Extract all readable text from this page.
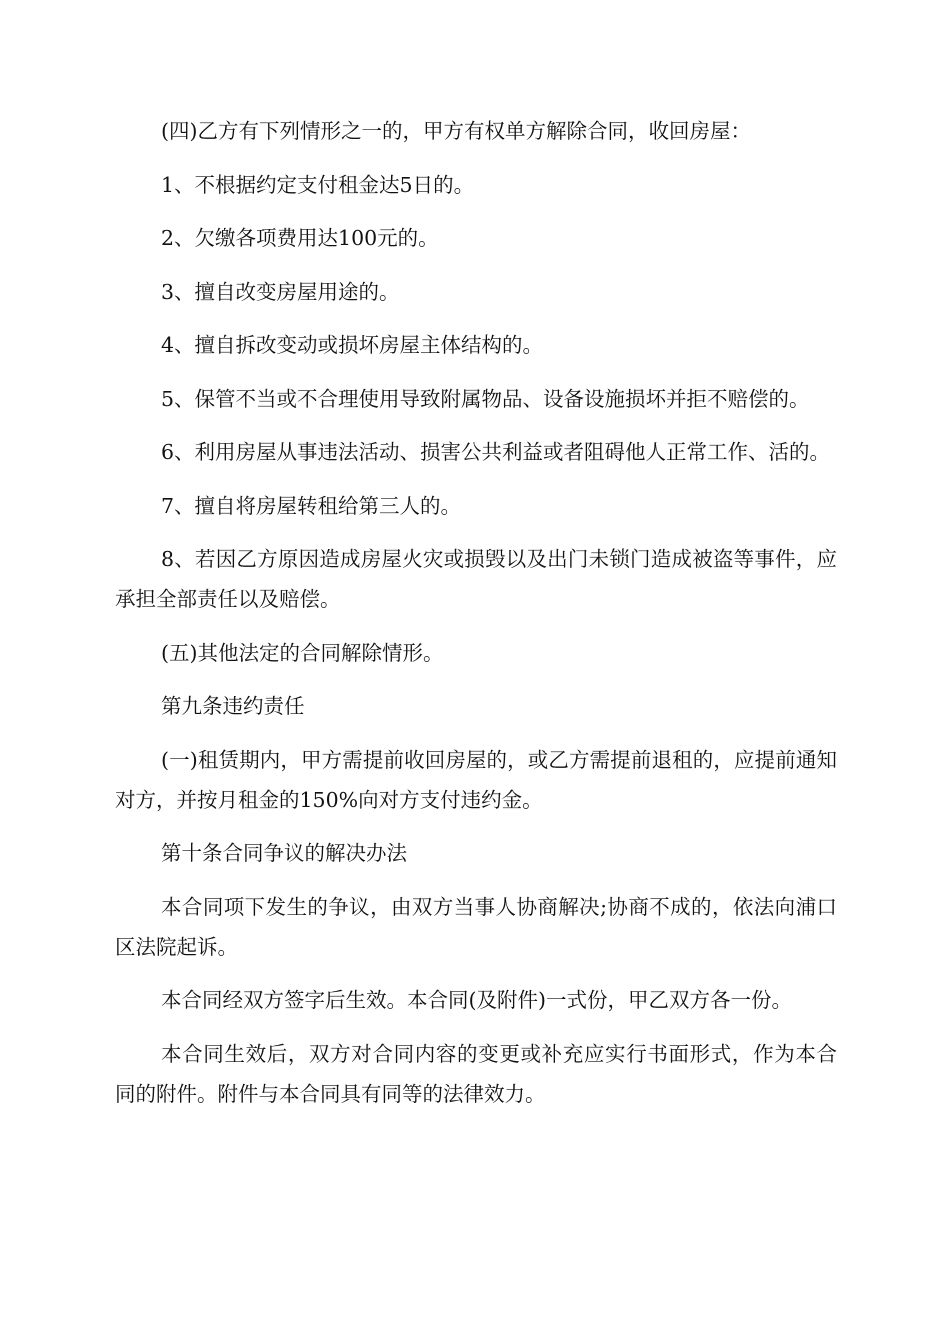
(四)乙方有下列情形之一的，甲方有权单方解除合同，收回房屋：

1、不根据约定支付租金达5日的。

2、欠缴各项费用达100元的。

3、擅自改变房屋用途的。

4、擅自拆改变动或损坏房屋主体结构的。

5、保管不当或不合理使用导致附属物品、设备设施损坏并拒不赔偿的。

6、利用房屋从事违法活动、损害公共利益或者阻碍他人正常工作、活的。

7、擅自将房屋转租给第三人的。

8、若因乙方原因造成房屋火灾或损毁以及出门未锁门造成被盗等事件，应承担全部责任以及赔偿。

(五)其他法定的合同解除情形。

第九条违约责任

(一)租赁期内，甲方需提前收回房屋的，或乙方需提前退租的，应提前通知对方，并按月租金的150%向对方支付违约金。

第十条合同争议的解决办法

本合同项下发生的争议，由双方当事人协商解决;协商不成的，依法向浦口区法院起诉。

本合同经双方签字后生效。本合同(及附件)一式份，甲乙双方各一份。

本合同生效后，双方对合同内容的变更或补充应实行书面形式，作为本合同的附件。附件与本合同具有同等的法律效力。
